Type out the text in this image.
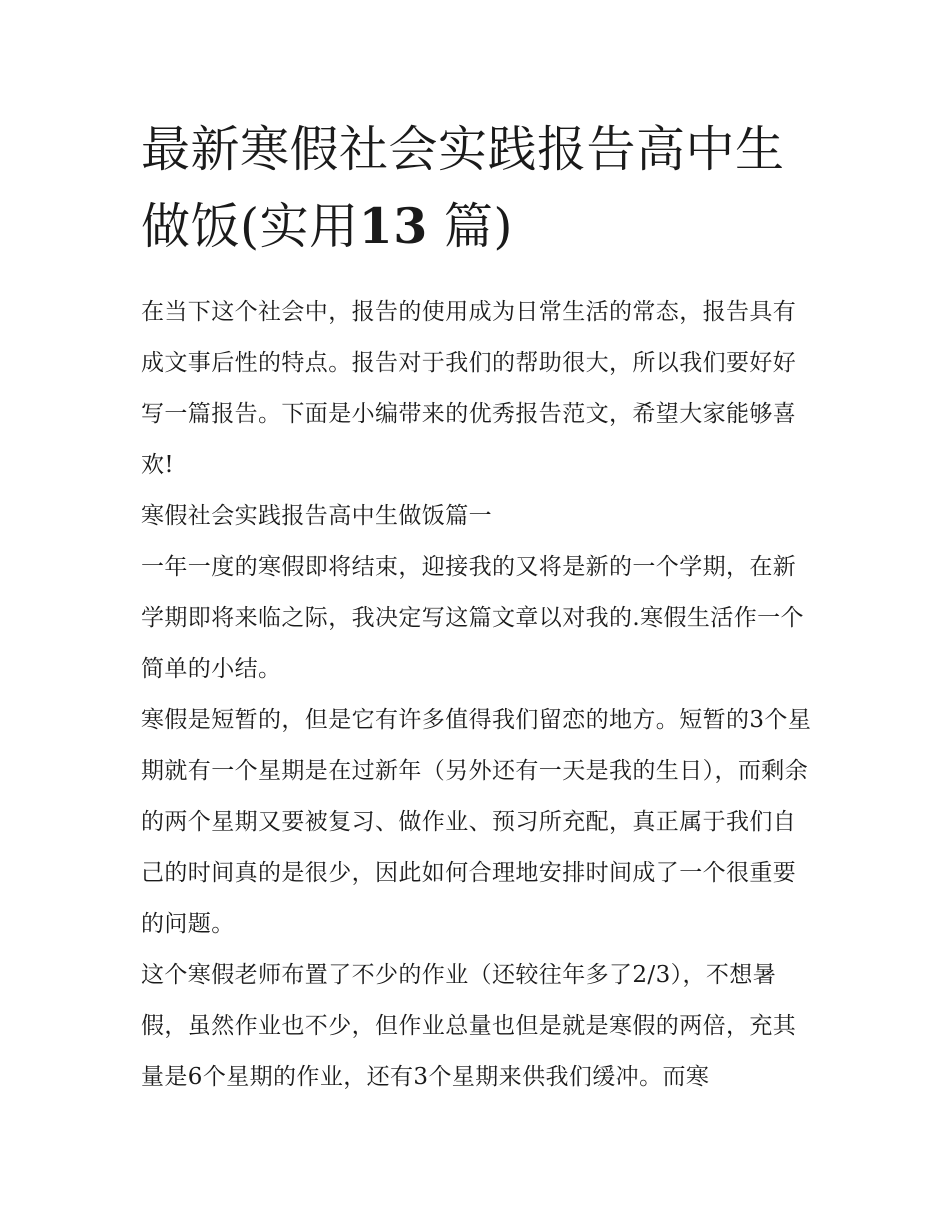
最新寒假社会实践报告高中生做饭(实用13 篇)

在当下这个社会中，报告的使用成为日常生活的常态，报告具有成文事后性的特点。报告对于我们的帮助很大，所以我们要好好写一篇报告。下面是小编带来的优秀报告范文，希望大家能够喜欢!

寒假社会实践报告高中生做饭篇一

一年一度的寒假即将结束，迎接我的又将是新的一个学期，在新学期即将来临之际，我决定写这篇文章以对我的.寒假生活作一个简单的小结。

寒假是短暂的，但是它有许多值得我们留恋的地方。短暂的3个星期就有一个星期是在过新年（另外还有一天是我的生日），而剩余的两个星期又要被复习、做作业、预习所充配，真正属于我们自己的时间真的是很少，因此如何合理地安排时间成了一个很重要的问题。

这个寒假老师布置了不少的作业（还较往年多了2/3），不想暑假，虽然作业也不少，但作业总量也但是就是寒假的两倍，充其量是6个星期的作业，还有3个星期来供我们缓冲。而寒
